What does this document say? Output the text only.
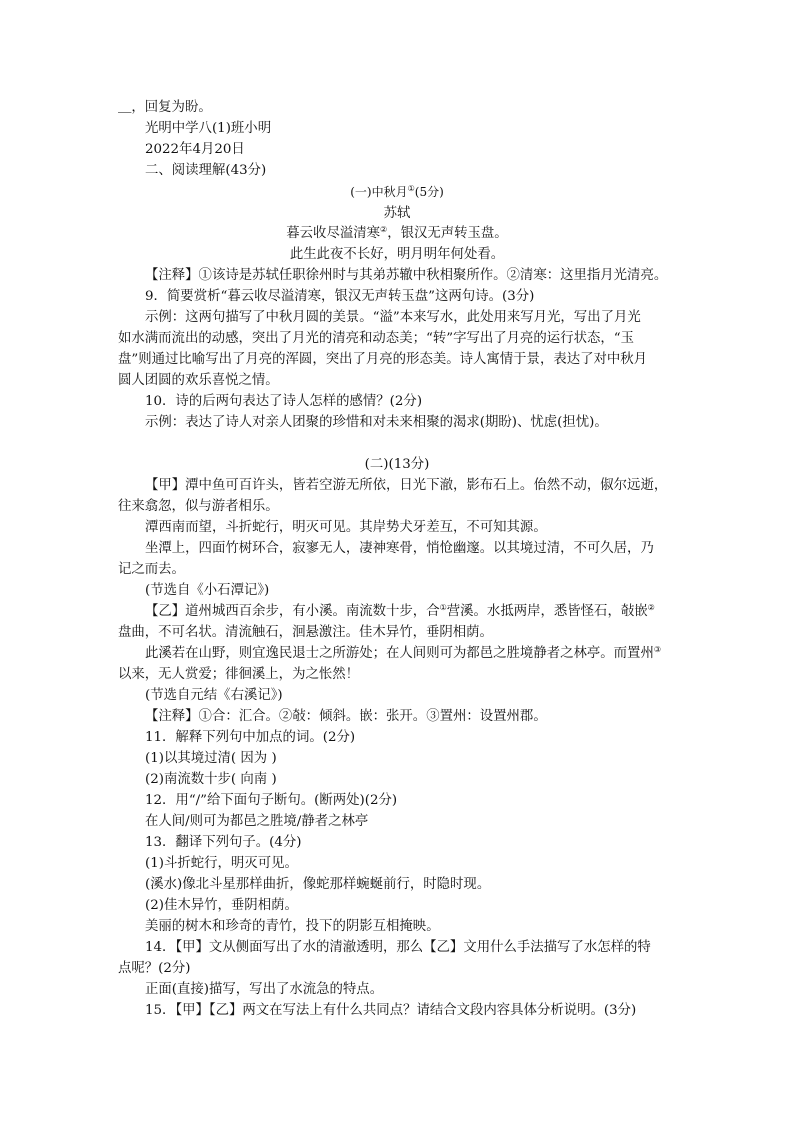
＿，回复为盼。
光明中学八(1)班小明
2022年4月20日
二、阅读理解(43分)
苏轼
此生此夜不长好，明月明年何处看。
【注释】①该诗是苏轼任职徐州时与其弟苏辙中秋相聚所作。②清寒：这里指月光清亮。
9．简要赏析“暮云收尽溢清寒，银汉无声转玉盘”这两句诗。(3分)
示例：这两句描写了中秋月圆的美景。“溢”本来写水，此处用来写月光，写出了月光
如水满而流出的动感，突出了月光的清亮和动态美；“转”字写出了月亮的运行状态，“玉
盘”则通过比喻写出了月亮的浑圆，突出了月亮的形态美。诗人寓情于景，表达了对中秋月
圆人团圆的欢乐喜悦之情。
10．诗的后两句表达了诗人怎样的感情？(2分)
示例：表达了诗人对亲人团聚的珍惜和对未来相聚的渴求(期盼)、忧虑(担忧)。
(二)(13分)
【甲】潭中鱼可百许头，皆若空游无所依，日光下澈，影布石上。佁然不动，俶尔远逝，
往来翕忽，似与游者相乐。
潭西南而望，斗折蛇行，明灭可见。其岸势犬牙差互，不可知其源。
坐潭上，四面竹树环合，寂寥无人，凄神寒骨，悄怆幽邃。以其境过清，不可久居，乃
记之而去。
(节选自《小石潭记》)
盘曲，不可名状。清流触石，洄悬激注。佳木异竹，垂阴相荫。
【注释】①合：汇合。②敧：倾斜。嵌：张开。③置州：设置州郡。
11．解释下列句中加点的词。(2分)
(1)以其境过清( 因为 )
(2)南流数十步( 向南 )
12．用“/”给下面句子断句。(断两处)(2分)
在人间/则可为都邑之胜境/静者之林亭
13．翻译下列句子。(4分)
(1)斗折蛇行，明灭可见。
(溪水)像北斗星那样曲折，像蛇那样蜿蜒前行，时隐时现。
(2)佳木异竹，垂阴相荫。
美丽的树木和珍奇的青竹，投下的阴影互相掩映。
14．【甲】文从侧面写出了水的清澈透明，那么【乙】文用什么手法描写了水怎样的特
点呢？(2分)
正面(直接)描写，写出了水流急的特点。
15．【甲】【乙】两文在写法上有什么共同点？请结合文段内容具体分析说明。(3分)
(一)中秋月①(5分)
暮云收尽溢清寒②，银汉无声转玉盘。
【乙】道州城西百余步，有小溪。南流数十步，合①营溪。水抵两岸，悉皆怪石，敧嵌②
此溪若在山野，则宜逸民退士之所游处；在人间则可为都邑之胜境静者之林亭。而置州③
以来，无人赏爱；徘徊溪上，为之怅然！
(节选自元结《右溪记》)
